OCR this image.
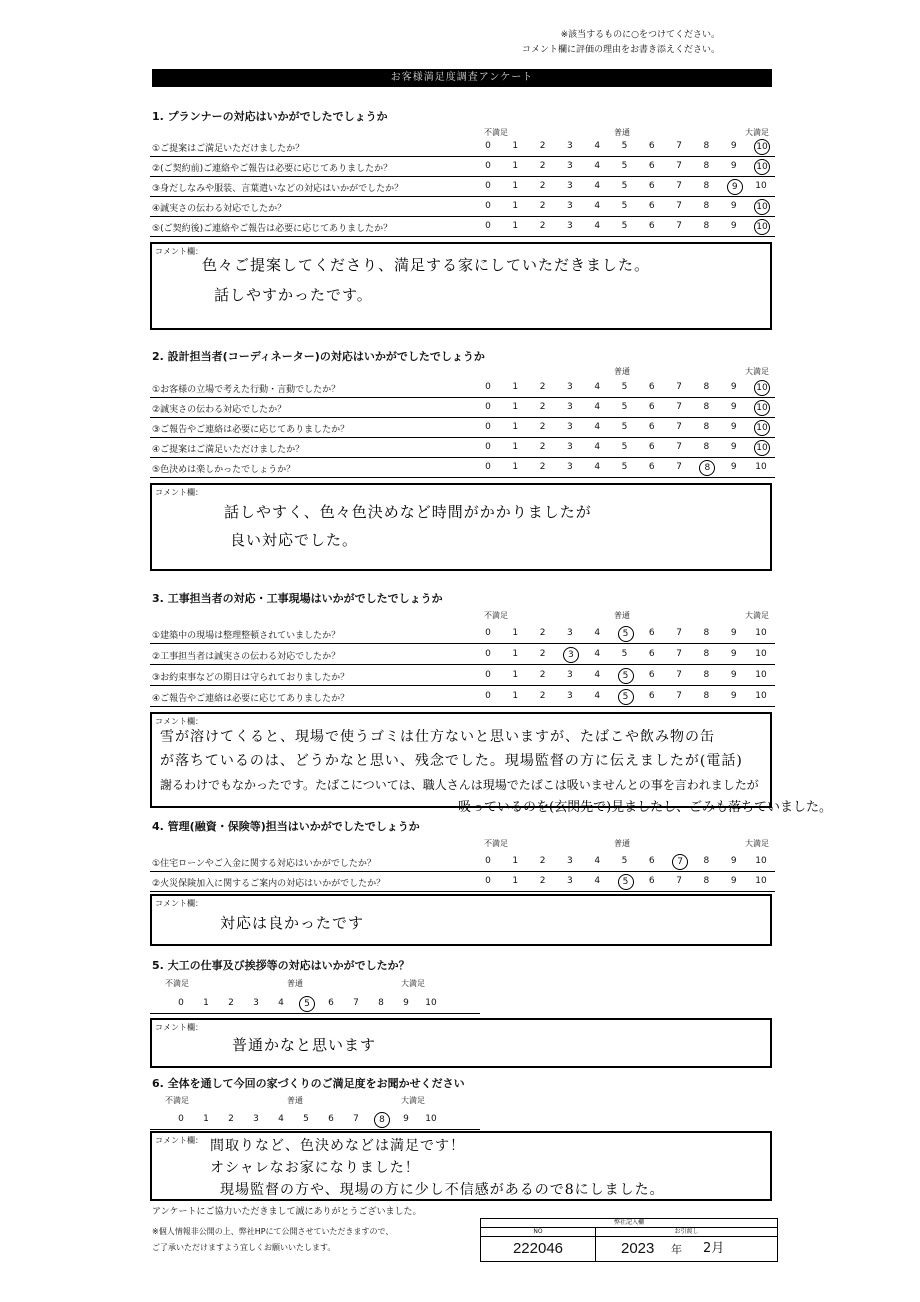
※該当するものに○をつけてください。
コメント欄に評価の理由をお書き添えください。
お客様満足度調査アンケート
1. プランナーの対応はいかがでしたでしょうか
不満足	普通	大満足
①ご提案はご満足いただけましたか？	0	1	2	3	4	5	6	7	8	9	10
②(ご契約前)ご連絡やご報告は必要に応じてありましたか？	0	1	2	3	4	5	6	7	8	9	10
③身だしなみや服装、言葉遣いなどの対応はいかがでしたか？	0	1	2	3	4	5	6	7	8	9	10
④誠実さの伝わる対応でしたか？	0	1	2	3	4	5	6	7	8	9	10
⑤(ご契約後)ご連絡やご報告は必要に応じてありましたか？	0	1	2	3	4	5	6	7	8	9	10
コメント欄：
色々ご提案してくださり、満足する家にしていただきました。
話しやすかったです。
2. 設計担当者(コーディネーター)の対応はいかがでしたでしょうか
普通	大満足
①お客様の立場で考えた行動・言動でしたか？	0	1	2	3	4	5	6	7	8	9	10
②誠実さの伝わる対応でしたか？	0	1	2	3	4	5	6	7	8	9	10
③ご報告やご連絡は必要に応じてありましたか？	0	1	2	3	4	5	6	7	8	9	10
④ご提案はご満足いただけましたか？	0	1	2	3	4	5	6	7	8	9	10
⑤色決めは楽しかったでしょうか？	0	1	2	3	4	5	6	7	8	9	10
コメント欄：
話しやすく、色々色決めなど時間がかかりましたが
良い対応でした。
3. 工事担当者の対応・工事現場はいかがでしたでしょうか
不満足	普通	大満足
①建築中の現場は整理整頓されていましたか？	0	1	2	3	4	5	6	7	8	9	10
②工事担当者は誠実さの伝わる対応でしたか？	0	1	2	3	4	5	6	7	8	9	10
③お約束事などの期日は守られておりましたか？	0	1	2	3	4	5	6	7	8	9	10
④ご報告やご連絡は必要に応じてありましたか？	0	1	2	3	4	5	6	7	8	9	10
コメント欄：
雪が溶けてくると、現場で使うゴミは仕方ないと思いますが、たばこや飲み物の缶
が落ちているのは、どうかなと思い、残念でした。現場監督の方に伝えましたが(電話)
謝るわけでもなかったです。たばこについては、職人さんは現場でたばこは吸いませんとの事を言われましたが
吸っているのを(玄関先で)見ましたし、ごみも落ちていました。
4. 管理(融資・保険等)担当はいかがでしたでしょうか
不満足	普通	大満足
①住宅ローンやご入金に関する対応はいかがでしたか？	0	1	2	3	4	5	6	7	8	9	10
②火災保険加入に関するご案内の対応はいかがでしたか？	0	1	2	3	4	5	6	7	8	9	10
コメント欄：
対応は良かったです
5. 大工の仕事及び挨拶等の対応はいかがでしたか？
不満足	普通	大満足
0	1	2	3	4	5	6	7	8	9	10
コメント欄：
普通かなと思います
6. 全体を通して今回の家づくりのご満足度をお聞かせください
不満足	普通	大満足
0	1	2	3	4	5	6	7	8	9	10
コメント欄： 間取りなど、色決めなどは満足です！
オシャレなお家になりました！
現場監督の方や、現場の方に少し不信感があるので8にしました。
アンケートにご協力いただきまして誠にありがとうございました。
※個人情報非公開の上、弊社HPにて公開させていただきますので、
ご了承いただけますよう宜しくお願いいたします。
弊社記入欄
NO	お引渡し
222046	2023 年 2月
